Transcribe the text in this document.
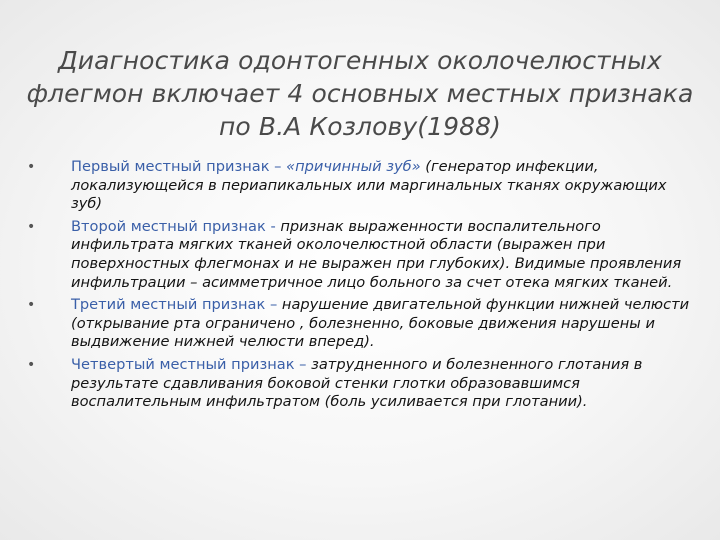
Диагностика одонтогенных околочелюстных
флегмон включает 4 основных местных признака
по В.А Козлову(1988)
• Первый местный признак – «причинный зуб» (генератор инфекции, локализующейся в периапикальных или маргинальных тканях окружающих зуб)
• Второй местный признак - признак выраженности воспалительного инфильтрата мягких тканей околочелюстной области (выражен при поверхностных флегмонах и не выражен при глубоких). Видимые проявления инфильтрации – асимметричное лицо больного за счет отека мягких тканей.
• Третий местный признак – нарушение двигательной функции нижней челюсти (открывание рта ограничено , болезненно, боковые движения нарушены и выдвижение нижней челюсти вперед).
• Четвертый местный признак – затрудненного и болезненного глотания в результате сдавливания боковой стенки глотки образовавшимся воспалительным инфильтратом (боль усиливается при глотании).
